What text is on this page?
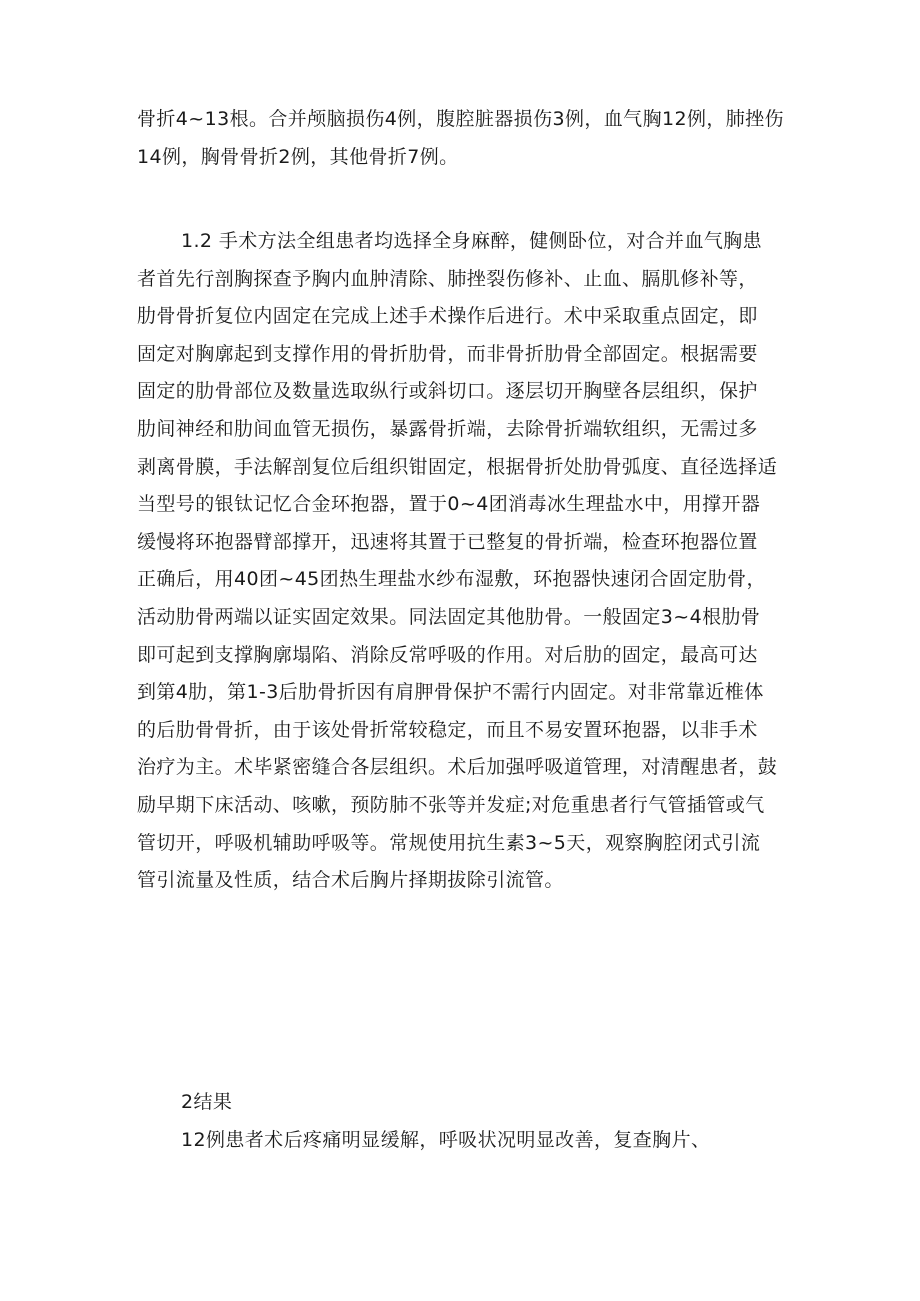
骨折4~13根。合并颅脑损伤4例，腹腔脏器损伤3例，血气胸12例，肺挫伤
14例，胸骨骨折2例，其他骨折7例。

1.2 手术方法全组患者均选择全身麻醉，健侧卧位，对合并血气胸患
者首先行剖胸探查予胸内血肿清除、肺挫裂伤修补、止血、膈肌修补等，
肋骨骨折复位内固定在完成上述手术操作后进行。术中采取重点固定，即
固定对胸廓起到支撑作用的骨折肋骨，而非骨折肋骨全部固定。根据需要
固定的肋骨部位及数量选取纵行或斜切口。逐层切开胸壁各层组织，保护
肋间神经和肋间血管无损伤，暴露骨折端，去除骨折端软组织，无需过多
剥离骨膜，手法解剖复位后组织钳固定，根据骨折处肋骨弧度、直径选择适
当型号的银钛记忆合金环抱器，置于0~4团消毒冰生理盐水中，用撑开器
缓慢将环抱器臂部撑开，迅速将其置于已整复的骨折端，检查环抱器位置
正确后，用40团~45团热生理盐水纱布湿敷，环抱器快速闭合固定肋骨，
活动肋骨两端以证实固定效果。同法固定其他肋骨。一般固定3~4根肋骨
即可起到支撑胸廓塌陷、消除反常呼吸的作用。对后肋的固定，最高可达
到第4肋，第1-3后肋骨折因有肩胛骨保护不需行内固定。对非常靠近椎体
的后肋骨骨折，由于该处骨折常较稳定，而且不易安置环抱器，以非手术
治疗为主。术毕紧密缝合各层组织。术后加强呼吸道管理，对清醒患者，鼓
励早期下床活动、咳嗽，预防肺不张等并发症;对危重患者行气管插管或气
管切开，呼吸机辅助呼吸等。常规使用抗生素3~5天，观察胸腔闭式引流
管引流量及性质，结合术后胸片择期拔除引流管。

2结果

12例患者术后疼痛明显缓解，呼吸状况明显改善，复查胸片、
